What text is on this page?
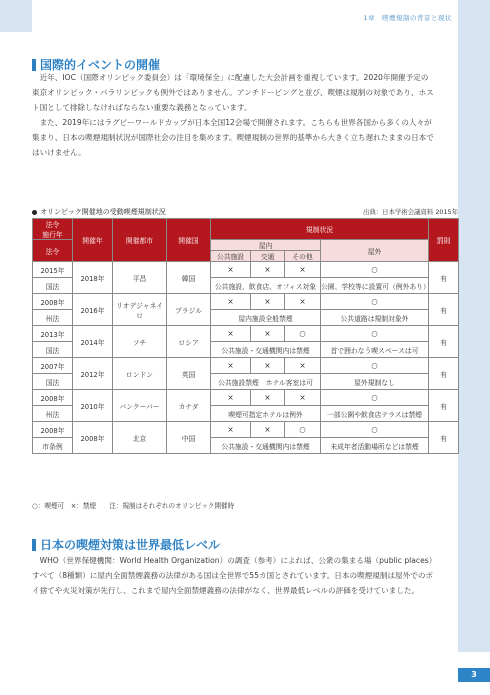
1章　喫煙規制の背景と現状
国際的イベントの開催

近年、IOC（国際オリンピック委員会）は「環境保全」に配慮した大会計画を重視しています。2020年開催予定の東京オリンピック・パラリンピックも例外ではありません。アンチドーピングと並び、喫煙は規制の対象であり、ホスト国として排除しなければならない重要な義務となっています。

また、2019年にはラグビーワールドカップが日本全国12会場で開催されます。こちらも世界各国から多くの人々が集まり、日本の喫煙規制状況が国際社会の注目を集めます。喫煙規制の世界的基準から大きく立ち遅れたままの日本ではいけません。

オリンピック開催地の受動喫煙規制状況	出典：日本学術会議資料 2015年
法令
施行年	開催年	開催都市	開催国	規制状況				罰則
法令				屋内			屋外	
				公共施設	交通	その他		
2015年	2018年	平昌	韓国	×	×	×	○	有
国法				公共施設、飲食店、オフィス対象			公園、学校等に設置可（例外あり）	
2008年	2016年	リオデジャネイロ	ブラジル	×	×	×	○	有
州法				屋内施設全般禁煙			公共道路は規制対象外	
2013年	2014年	ソチ	ロシア	×	×	○	○	有
国法				公共施設・交通機関内は禁煙			首で囲わなう喫スペースは可	
2007年	2012年	ロンドン	英国	×	×	×	○	有
国法				公共施設禁煙　ホテル客室は可			屋外規制なし	
2008年	2010年	バンクーバー	カナダ	×	×	×	○	有
州法				喫煙可指定ホテルは例外			一部公園や飲食店テラスは禁煙	
2008年	2008年	北京	中国	×	×	○	○	有
市条例				公共施設・交通機関内は禁煙			未成年者活動場所などは禁煙	
○：喫煙可　×：禁煙　　注：規制はそれぞれのオリンピック開催時
日本の喫煙対策は世界最低レベル

WHO（世界保健機関：World Health Organization）の調査（参考）によれば、公衆の集まる場（public places）すべて（8種類）に屋内全面禁煙義務の法律がある国は全世界で55カ国とされています。日本の喫煙規制は屋外でのポイ捨てや火災対策が先行し、これまで屋内全面禁煙義務の法律がなく、世界最低レベルの評価を受けていました。

3
